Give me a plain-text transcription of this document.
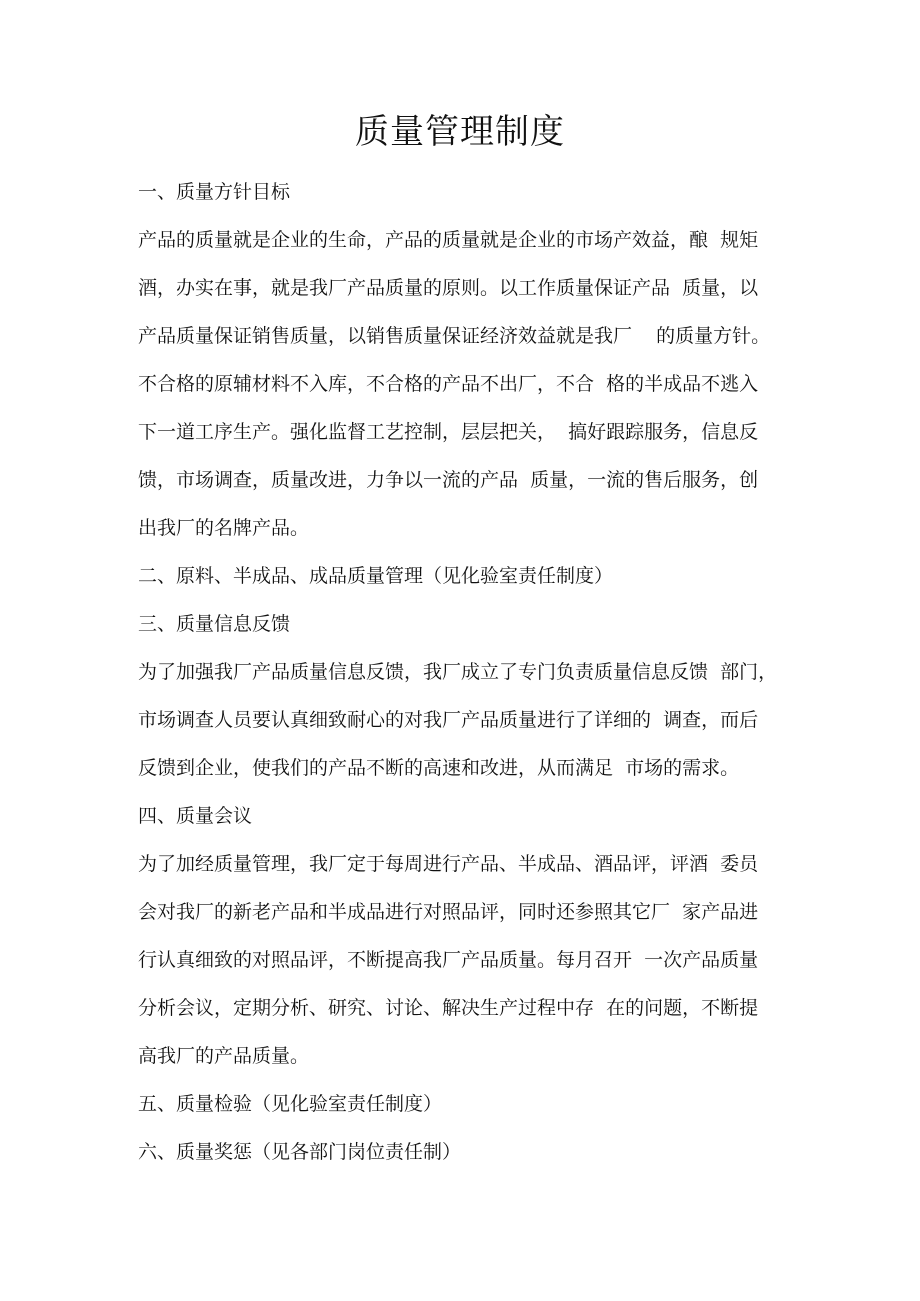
质量管理制度
一、质量方针目标
产品的质量就是企业的生命，产品的质量就是企业的市场产效益，酿  规矩
酒，办实在事，就是我厂产品质量的原则。以工作质量保证产品  质量，以
产品质量保证销售质量，以销售质量保证经济效益就是我厂    的质量方针。
不合格的原辅材料不入库，不合格的产品不出厂，不合  格的半成品不逃入
下一道工序生产。强化监督工艺控制，层层把关，  搞好跟踪服务，信息反
馈，市场调查，质量改进，力争以一流的产品  质量，一流的售后服务，创
出我厂的名牌产品。
二、原料、半成品、成品质量管理（见化验室责任制度）
三、质量信息反馈
为了加强我厂产品质量信息反馈，我厂成立了专门负责质量信息反馈  部门，
市场调查人员要认真细致耐心的对我厂产品质量进行了详细的  调查，而后
反馈到企业，使我们的产品不断的高速和改进，从而满足  市场的需求。
四、质量会议
为了加经质量管理，我厂定于每周进行产品、半成品、酒品评，评酒  委员
会对我厂的新老产品和半成品进行对照品评，同时还参照其它厂  家产品进
行认真细致的对照品评，不断提高我厂产品质量。每月召开  一次产品质量
分析会议，定期分析、研究、讨论、解决生产过程中存  在的问题，不断提
高我厂的产品质量。
五、质量检验（见化验室责任制度）
六、质量奖惩（见各部门岗位责任制）
